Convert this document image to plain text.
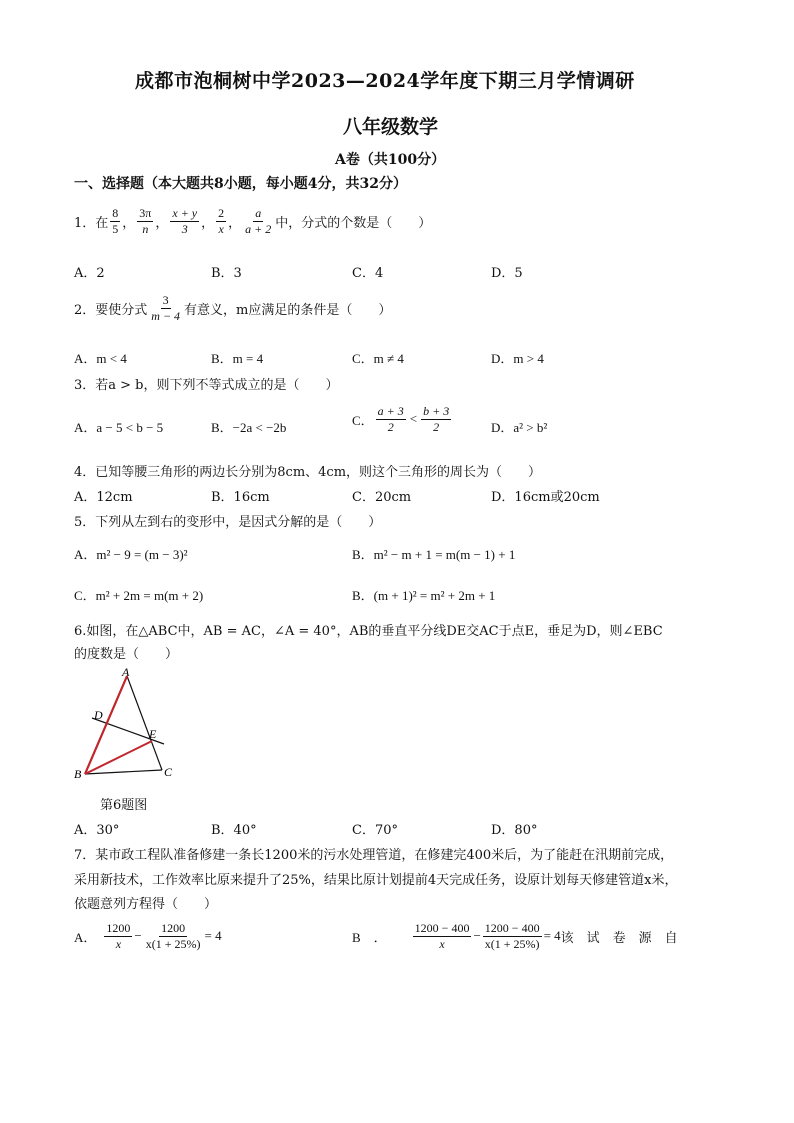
成都市泡桐树中学2023—2024学年度下期三月学情调研
八年级数学
A卷（共100分）
一、选择题（本大题共8小题，每小题4分，共32分）
1．在 $\frac{8}{5}$ ， $\frac{3\pi}{n}$ ， $\frac{x + y}{3}$ ， $\frac{2}{x}$ ， $\frac{a}{a + 2}$ 中，分式的个数是（　　）
A．2	B．3	C．4	D．5
2．要使分式 $\frac{3}{m - 4}$ 有意义，m应满足的条件是（　　）
A．m < 4	B．m = 4	C．m ≠ 4	D．m > 4
3．若a > b，则下列不等式成立的是（　　）
A．a − 5 < b − 5	B．−2a < −2b	C． $\frac{a + 3}{2} < \frac{b + 3}{2}$	D．a² > b²
4．已知等腰三角形的两边长分别为8cm、4cm，则这个三角形的周长为（　　）
A．12cm	B．16cm	C．20cm	D．16cm或20cm
5．下列从左到右的变形中，是因式分解的是（　　）
A．m² − 9 = (m − 3)²	B．m² − m + 1 = m(m − 1) + 1
C．m² + 2m = m(m + 2)	B．(m + 1)² = m² + 2m + 1
6.如图，在△ABC中，AB = AC，∠A = 40°，AB的垂直平分线DE交AC于点E，垂足为D，则∠EBC
的度数是（　　）
A
D
E
B	C
第6题图
A．30°	B．40°	C．70°	D．80°
7．某市政工程队准备修建一条长1200米的污水处理管道，在修建完400米后，为了能赶在汛期前完成，
采用新技术，工作效率比原来提升了25%，结果比原计划提前4天完成任务，设原计划每天修建管道x米，
依题意列方程得（　　）
A． $\frac{1200}{x} - \frac{1200}{x(1 + 25\%)} = 4$	B　． $\frac{1200 - 400}{x} - \frac{1200 - 400}{x(1 + 25\%)} = 4$ 该　试　卷　源　自
